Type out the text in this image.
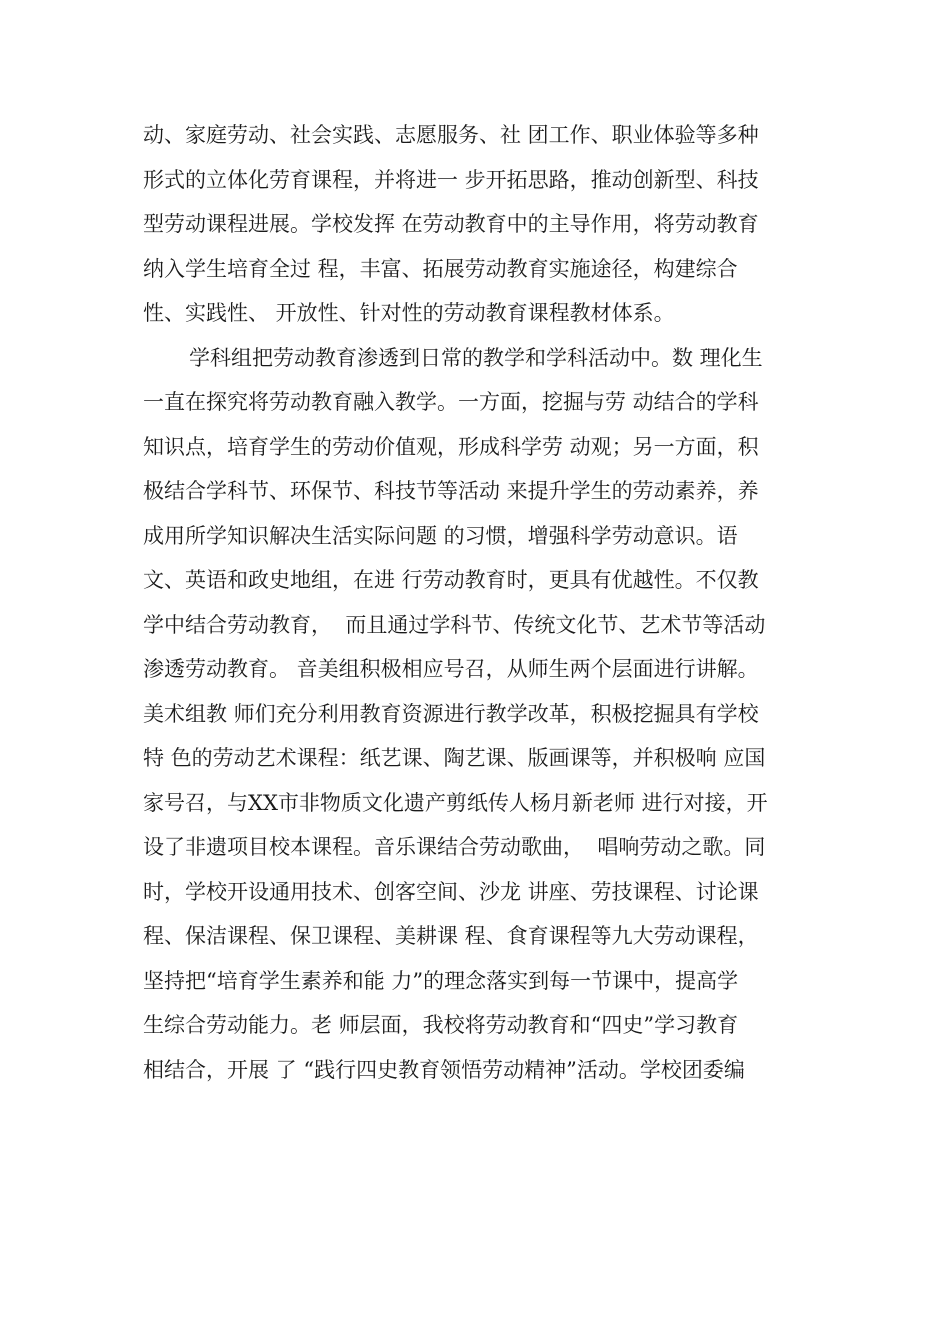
动、家庭劳动、社会实践、志愿服务、社 团工作、职业体验等多种
形式的立体化劳育课程，并将进一 步开拓思路，推动创新型、科技
型劳动课程进展。学校发挥 在劳动教育中的主导作用，将劳动教育
纳入学生培育全过 程，丰富、拓展劳动教育实施途径，构建综合
性、实践性、 开放性、针对性的劳动教育课程教材体系。
学科组把劳动教育渗透到日常的教学和学科活动中。数 理化生
一直在探究将劳动教育融入教学。一方面，挖掘与劳 动结合的学科
知识点，培育学生的劳动价值观，形成科学劳 动观；另一方面，积
极结合学科节、环保节、科技节等活动 来提升学生的劳动素养，养
成用所学知识解决生活实际问题 的习惯，增强科学劳动意识。语
文、英语和政史地组，在进 行劳动教育时，更具有优越性。不仅教
学中结合劳动教育，  而且通过学科节、传统文化节、艺术节等活动
渗透劳动教育。 音美组积极相应号召，从师生两个层面进行讲解。
美术组教 师们充分利用教育资源进行教学改革，积极挖掘具有学校
特 色的劳动艺术课程：纸艺课、陶艺课、版画课等，并积极响 应国
家号召，与XX市非物质文化遗产剪纸传人杨月新老师 进行对接，开
设了非遗项目校本课程。音乐课结合劳动歌曲，  唱响劳动之歌。同
时，学校开设通用技术、创客空间、沙龙 讲座、劳技课程、讨论课
程、保洁课程、保卫课程、美耕课 程、食育课程等九大劳动课程，
坚持把“培育学生素养和能 力”的理念落实到每一节课中，提高学
生综合劳动能力。老 师层面，我校将劳动教育和“四史”学习教育
相结合，开展 了 “践行四史教育领悟劳动精神”活动。学校团委编
